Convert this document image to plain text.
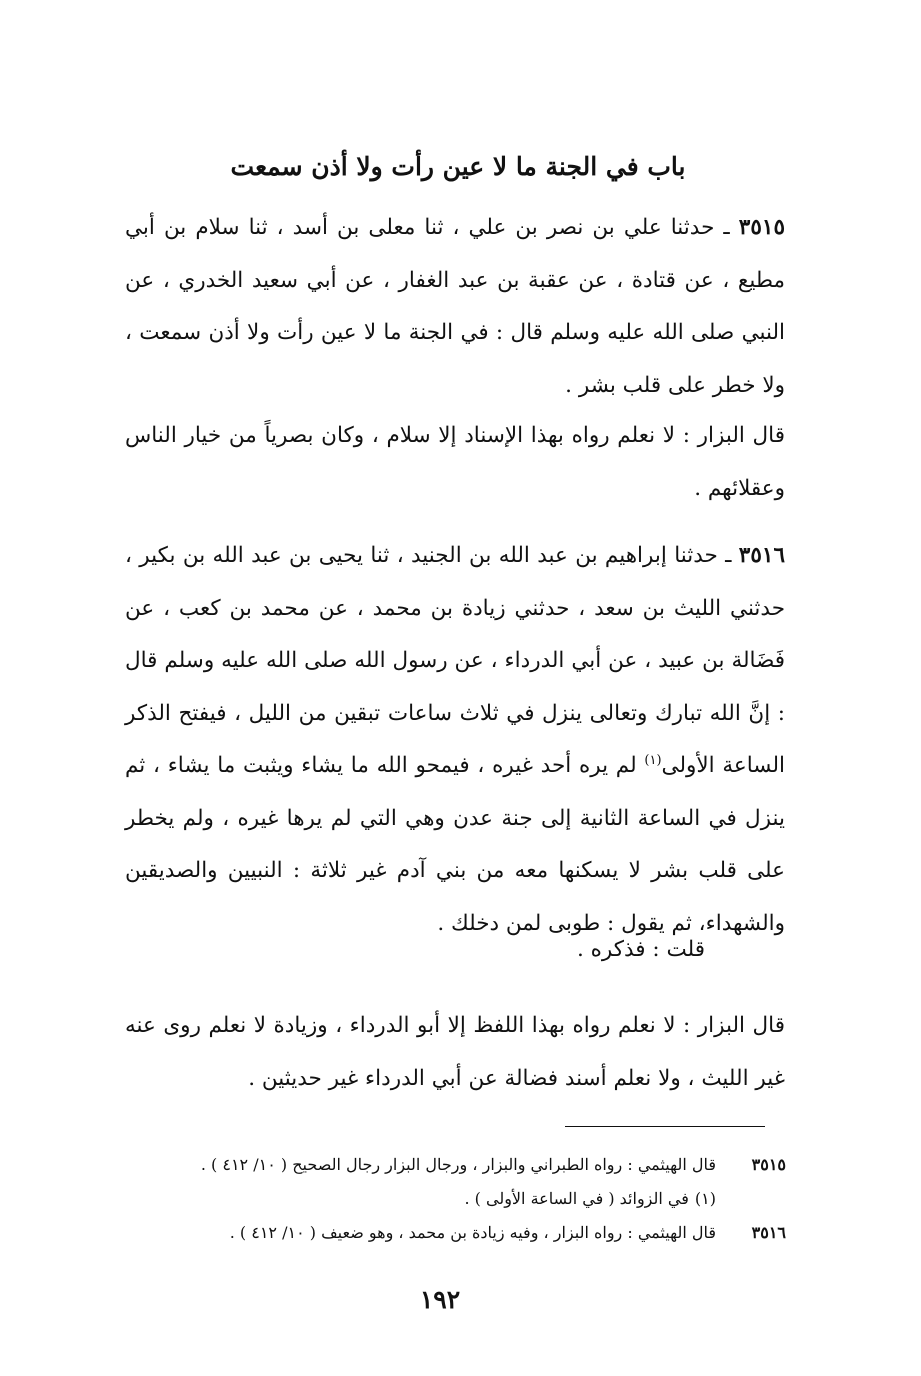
باب في الجنة ما لا عين رأت ولا أذن سمعت

٣٥١٥ ـ حدثنا علي بن نصر بن علي ، ثنا معلى بن أسد ، ثنا سلام بن أبي مطيع ، عن قتادة ، عن عقبة بن عبد الغفار ، عن أبي سعيد الخدري ، عن النبي صلى الله عليه وسلم قال : في الجنة ما لا عين رأت ولا أذن سمعت ، ولا خطر على قلب بشر .

قال البزار : لا نعلم رواه بهذا الإسناد إلا سلام ، وكان بصرياً من خيار الناس وعقلائهم .

٣٥١٦ ـ حدثنا إبراهيم بن عبد الله بن الجنيد ، ثنا يحيى بن عبد الله بن بكير ، حدثني الليث بن سعد ، حدثني زيادة بن محمد ، عن محمد بن كعب ، عن فَضَالة بن عبيد ، عن أبي الدرداء ، عن رسول الله صلى الله عليه وسلم قال : إنَّ الله تبارك وتعالى ينزل في ثلاث ساعات تبقين من الليل ، فيفتح الذكر الساعة الأولى$^{(١)}$ لم يره أحد غيره ، فيمحو الله ما يشاء ويثبت ما يشاء ، ثم ينزل في الساعة الثانية إلى جنة عدن وهي التي لم يرها غيره ، ولم يخطر على قلب بشر لا يسكنها معه من بني آدم غير ثلاثة : النبيين والصديقين والشهداء، ثم يقول : طوبى لمن دخلك .

قلت : فذكره .

قال البزار : لا نعلم رواه بهذا اللفظ إلا أبو الدرداء ، وزيادة لا نعلم روى عنه غير الليث ، ولا نعلم أسند فضالة عن أبي الدرداء غير حديثين .

٣٥١٥قال الهيثمي : رواه الطبراني والبزار ، ورجال البزار رجال الصحيح ( ١٠/ ٤١٢ ) .

(١) في الزوائد ( في الساعة الأولى ) .

٣٥١٦قال الهيثمي : رواه البزار ، وفيه زيادة بن محمد ، وهو ضعيف ( ١٠/ ٤١٢ ) .

١٩٢
